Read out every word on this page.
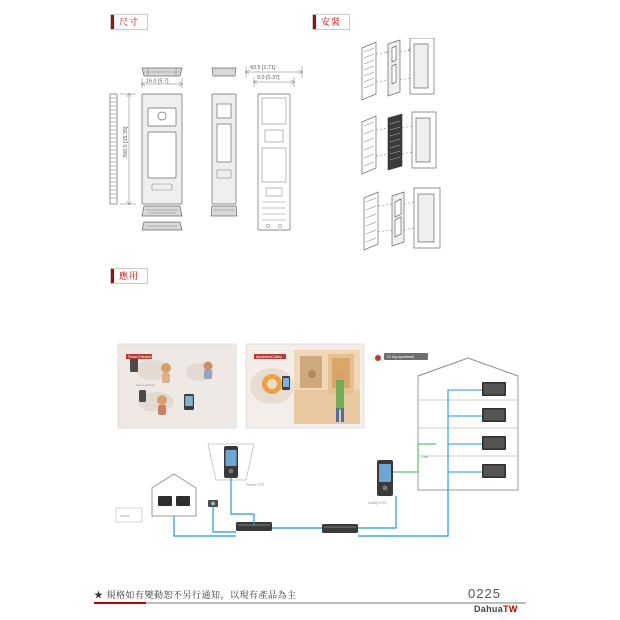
尺寸	安裝
應用
390.0 [15.35]
16.0 [5.7]
43.5 [1.71]
9.0 [0.37]
Fence Entrance
Fence Access
Apartment Lobby	Or big apartment
Lobby VTO
Call
Fence VTO
Indoor
★ 規格如有變動恕不另行通知，以現有產品為主	0225
DahuaTW
